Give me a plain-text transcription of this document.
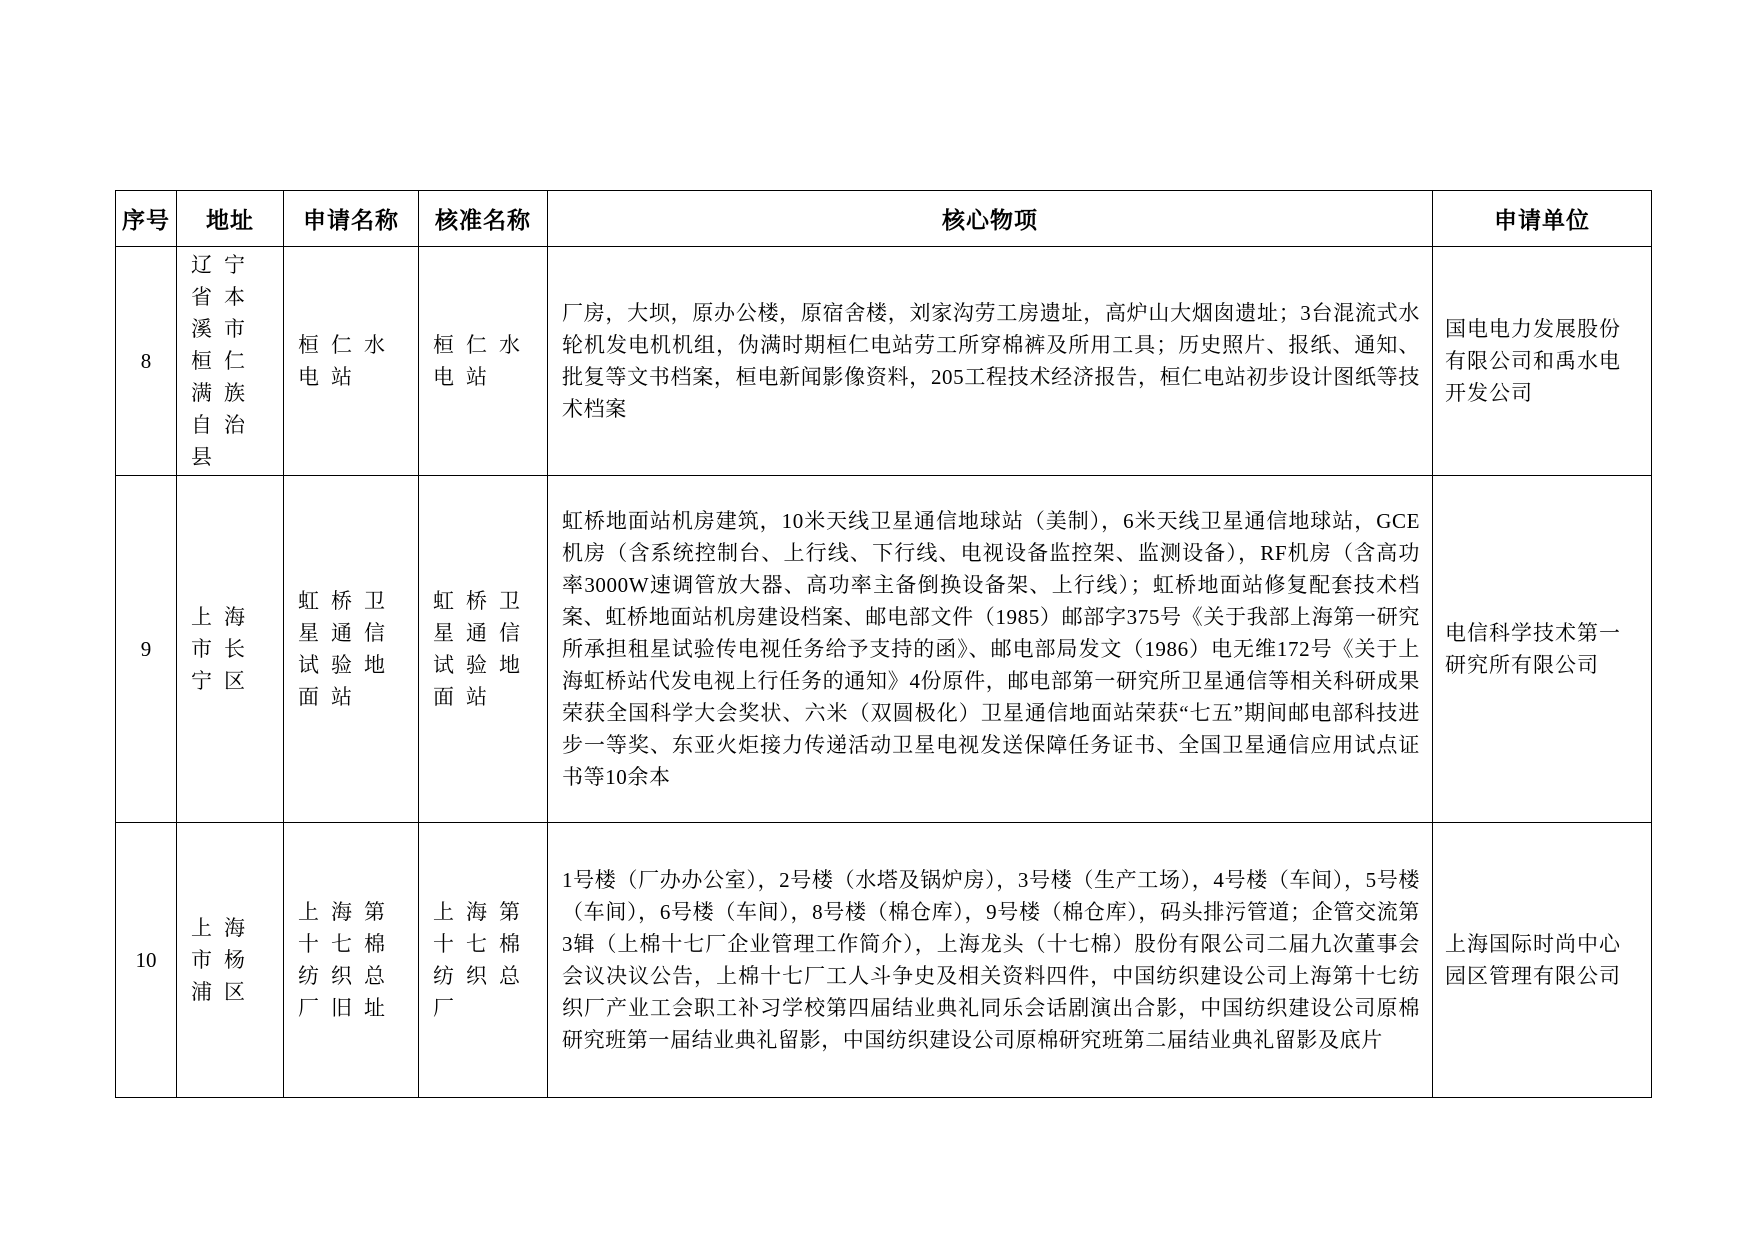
序号	地址	申请名称	核准名称	核心物项	申请单位
8	辽宁省本溪市桓仁满族自治县	桓仁水电站	桓仁水电站	厂房，大坝，原办公楼，原宿舍楼，刘家沟劳工房遗址，高炉山大烟囱遗址；3台混流式水轮机发电机机组，伪满时期桓仁电站劳工所穿棉裤及所用工具；历史照片、报纸、通知、批复等文书档案，桓电新闻影像资料，205工程技术经济报告，桓仁电站初步设计图纸等技术档案	国电电力发展股份有限公司和禹水电开发公司
9	上海市长宁区	虹桥卫星通信试验地面站	虹桥卫星通信试验地面站	虹桥地面站机房建筑，10米天线卫星通信地球站（美制），6米天线卫星通信地球站，GCE机房（含系统控制台、上行线、下行线、电视设备监控架、监测设备），RF机房（含高功率3000W速调管放大器、高功率主备倒换设备架、上行线）；虹桥地面站修复配套技术档案、虹桥地面站机房建设档案、邮电部文件（1985）邮部字375号《关于我部上海第一研究所承担租星试验传电视任务给予支持的函》、邮电部局发文（1986）电无维172号《关于上海虹桥站代发电视上行任务的通知》4份原件，邮电部第一研究所卫星通信等相关科研成果荣获全国科学大会奖状、六米（双圆极化）卫星通信地面站荣获“七五”期间邮电部科技进步一等奖、东亚火炬接力传递活动卫星电视发送保障任务证书、全国卫星通信应用试点证书等10余本	电信科学技术第一研究所有限公司
10	上海市杨浦区	上海第十七棉纺织总厂旧址	上海第十七棉纺织总厂	1号楼（厂办办公室），2号楼（水塔及锅炉房），3号楼（生产工场），4号楼（车间），5号楼（车间），6号楼（车间），8号楼（棉仓库），9号楼（棉仓库），码头排污管道；企管交流第3辑（上棉十七厂企业管理工作简介），上海龙头（十七棉）股份有限公司二届九次董事会会议决议公告，上棉十七厂工人斗争史及相关资料四件，中国纺织建设公司上海第十七纺织厂产业工会职工补习学校第四届结业典礼同乐会话剧演出合影，中国纺织建设公司原棉研究班第一届结业典礼留影，中国纺织建设公司原棉研究班第二届结业典礼留影及底片	上海国际时尚中心园区管理有限公司
